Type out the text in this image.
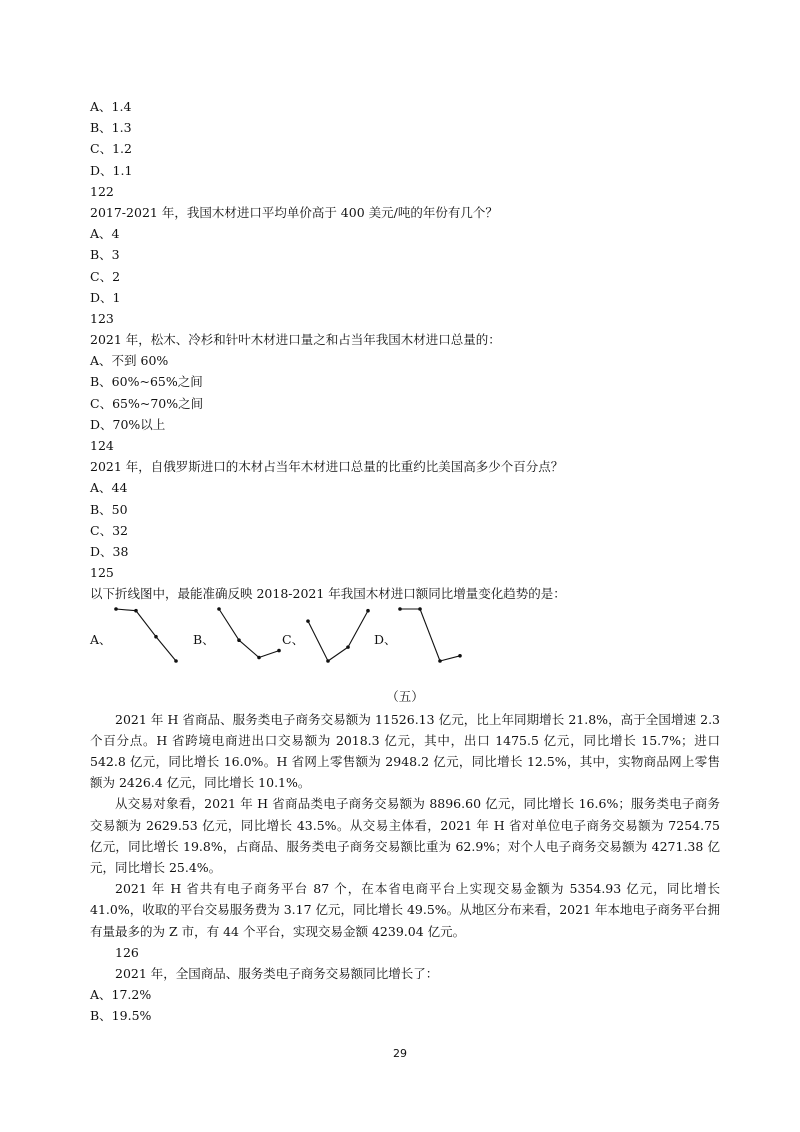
A、1.4
B、1.3
C、1.2
D、1.1
122
2017-2021 年，我国木材进口平均单价高于 400 美元/吨的年份有几个？
A、4
B、3
C、2
D、1
123
2021 年，松木、冷杉和针叶木材进口量之和占当年我国木材进口总量的：
A、不到 60%
B、60%~65%之间
C、65%~70%之间
D、70%以上
124
2021 年，自俄罗斯进口的木材占当年木材进口总量的比重约比美国高多少个百分点？
A、44
B、50
C、32
D、38
125
以下折线图中，最能准确反映 2018-2021 年我国木材进口额同比增量变化趋势的是：
A、	B、	C、	D、
（五）
2021 年 H 省商品、服务类电子商务交易额为 11526.13 亿元，比上年同期增长 21.8%，高于全国增速 2.3 个百分点。H 省跨境电商进出口交易额为 2018.3 亿元，其中，出口 1475.5 亿元，同比增长 15.7%；进口 542.8 亿元，同比增长 16.0%。H 省网上零售额为 2948.2 亿元，同比增长 12.5%，其中，实物商品网上零售额为 2426.4 亿元，同比增长 10.1%。
从交易对象看，2021 年 H 省商品类电子商务交易额为 8896.60 亿元，同比增长 16.6%；服务类电子商务交易额为 2629.53 亿元，同比增长 43.5%。从交易主体看，2021 年 H 省对单位电子商务交易额为 7254.75 亿元，同比增长 19.8%，占商品、服务类电子商务交易额比重为 62.9%；对个人电子商务交易额为 4271.38 亿元，同比增长 25.4%。
2021 年 H 省共有电子商务平台 87 个，在本省电商平台上实现交易金额为 5354.93 亿元，同比增长 41.0%，收取的平台交易服务费为 3.17 亿元，同比增长 49.5%。从地区分布来看，2021 年本地电子商务平台拥有量最多的为 Z 市，有 44 个平台，实现交易金额 4239.04 亿元。
126
2021 年，全国商品、服务类电子商务交易额同比增长了：
A、17.2%
B、19.5%
29
